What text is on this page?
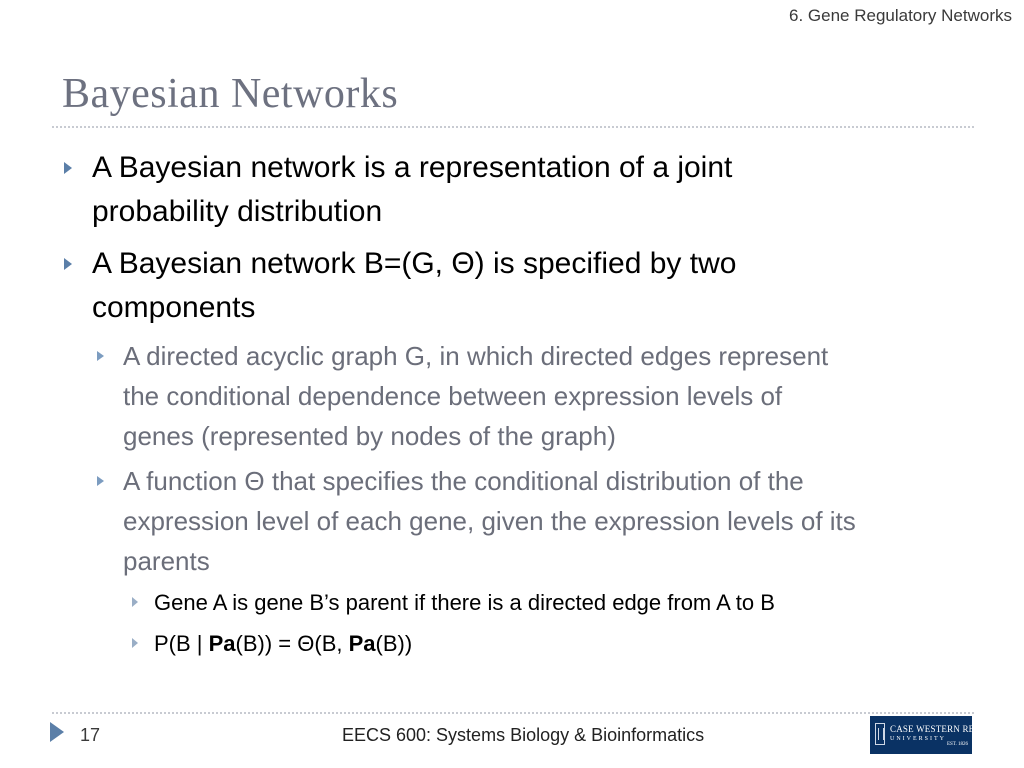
6. Gene Regulatory Networks
Bayesian Networks
A Bayesian network is a representation of a joint
probability distribution
A Bayesian network B=(G, Θ) is specified by two
components
A directed acyclic graph G, in which directed edges represent
the conditional dependence between expression levels of
genes (represented by nodes of the graph)
A function Θ that specifies the conditional distribution of the
expression level of each gene, given the expression levels of its
parents
Gene A is gene B’s parent if there is a directed edge from A to B
P(B | Pa(B)) = Θ(B, Pa(B))
17	EECS 600: Systems Biology & Bioinformatics	CASE WESTERN RESERVE
UNIVERSITY
EST. 1826
